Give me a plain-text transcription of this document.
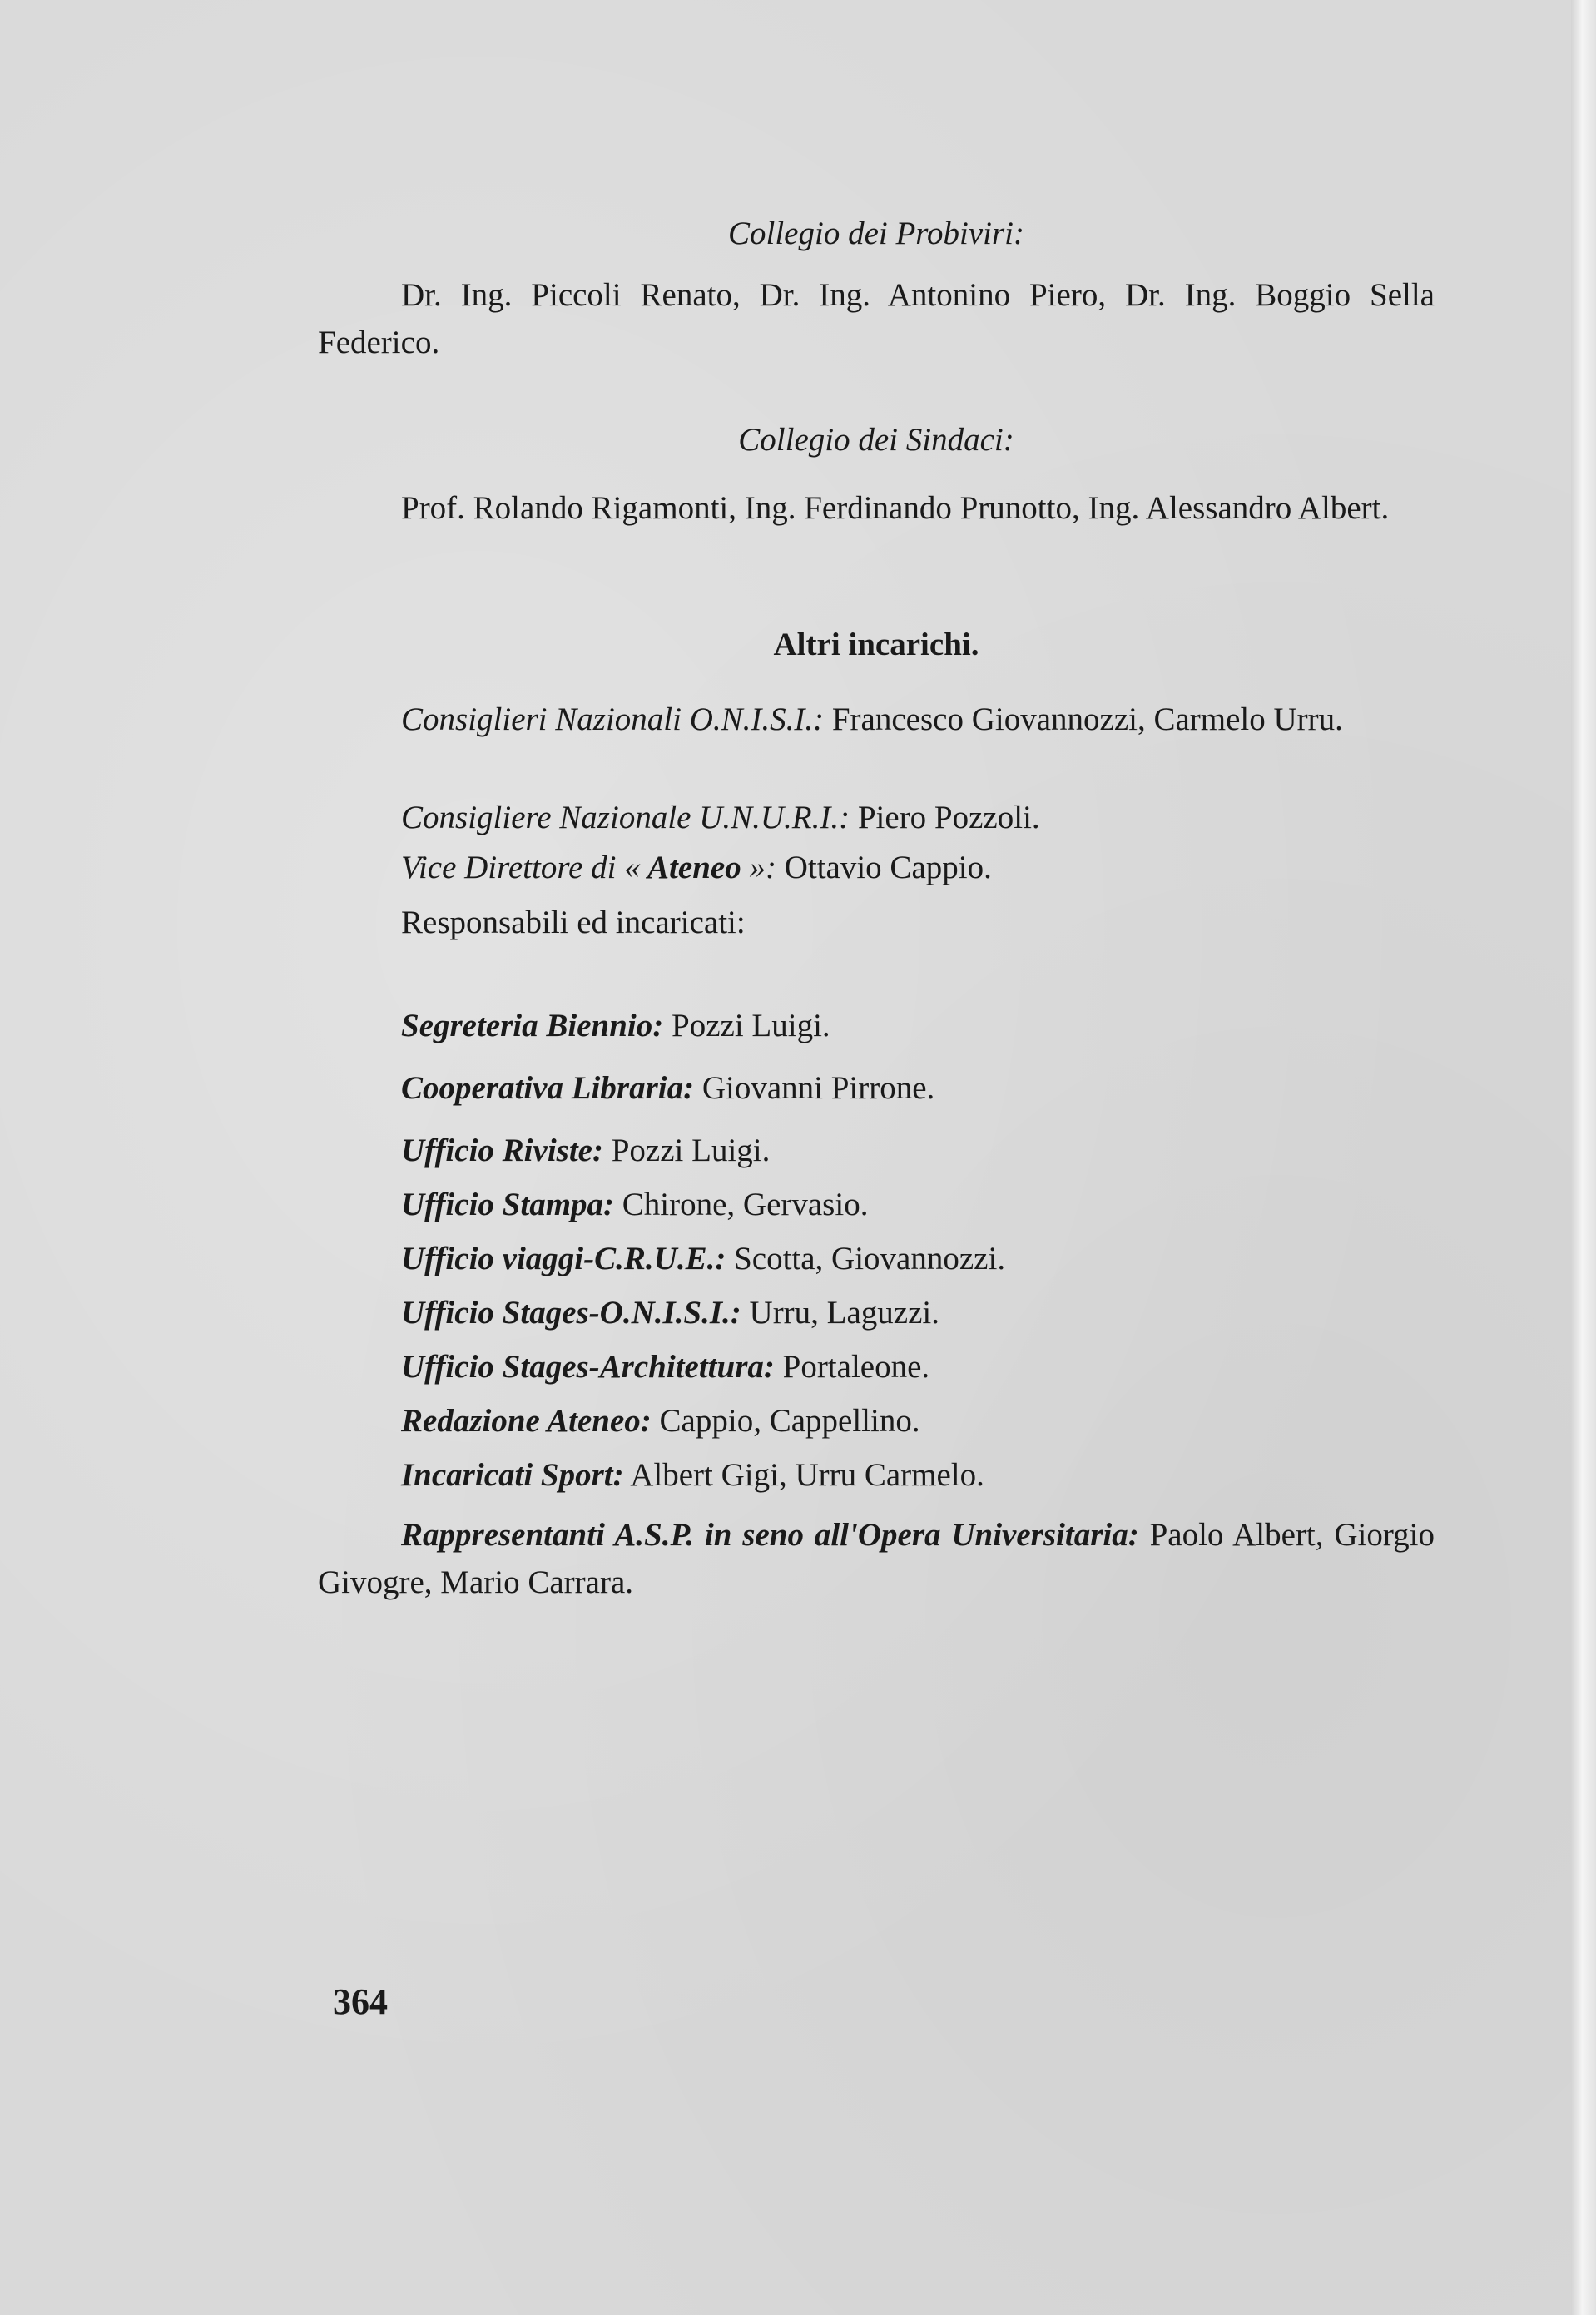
Collegio dei Probiviri:
Dr. Ing. Piccoli Renato, Dr. Ing. Antonino Piero, Dr. Ing. Boggio Sella Federico.
Collegio dei Sindaci:
Prof. Rolando Rigamonti, Ing. Ferdinando Prunotto, Ing. Alessandro Albert.
Altri incarichi.
Consiglieri Nazionali O.N.I.S.I.: Francesco Giovannozzi, Carmelo Urru.
Consigliere Nazionale U.N.U.R.I.: Piero Pozzoli.
Vice Direttore di « Ateneo »: Ottavio Cappio.
Responsabili ed incaricati:
Segreteria Biennio: Pozzi Luigi.
Cooperativa Libraria: Giovanni Pirrone.
Ufficio Riviste: Pozzi Luigi.
Ufficio Stampa: Chirone, Gervasio.
Ufficio viaggi-C.R.U.E.: Scotta, Giovannozzi.
Ufficio Stages-O.N.I.S.I.: Urru, Laguzzi.
Ufficio Stages-Architettura: Portaleone.
Redazione Ateneo: Cappio, Cappellino.
Incaricati Sport: Albert Gigi, Urru Carmelo.
Rappresentanti A.S.P. in seno all'Opera Universitaria: Paolo Albert, Giorgio Givogre, Mario Carrara.
364
